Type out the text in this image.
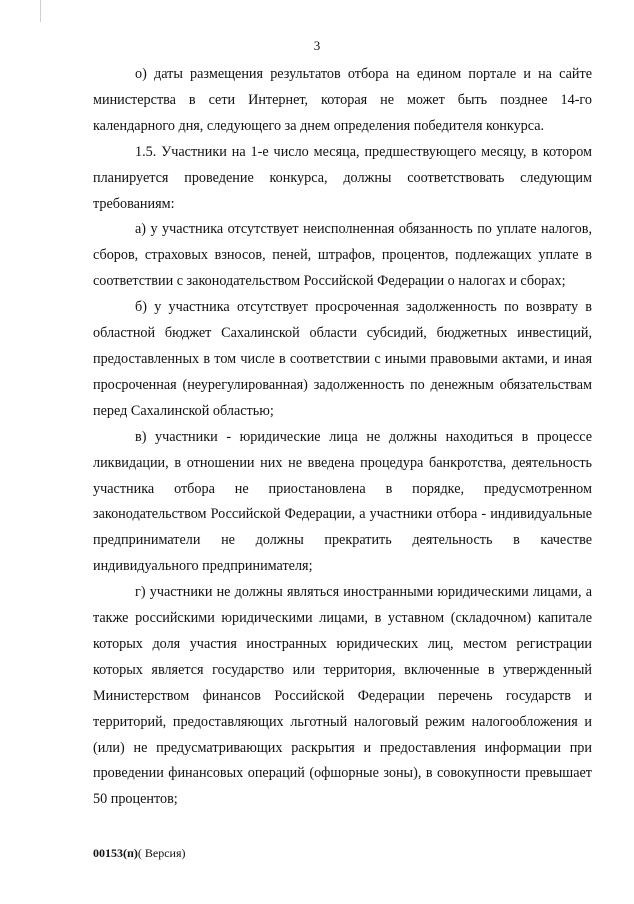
3

о) даты размещения результатов отбора на едином портале и на сайте министерства в сети Интернет, которая не может быть позднее 14-го календарного дня, следующего за днем определения победителя конкурса.

1.5. Участники на 1-е число месяца, предшествующего месяцу, в котором планируется проведение конкурса, должны соответствовать следующим требованиям:

а) у участника отсутствует неисполненная обязанность по уплате налогов, сборов, страховых взносов, пеней, штрафов, процентов, подлежащих уплате в соответствии с законодательством Российской Федерации о налогах и сборах;

б) у участника отсутствует просроченная задолженность по возврату в областной бюджет Сахалинской области субсидий, бюджетных инвестиций, предоставленных в том числе в соответствии с иными правовыми актами, и иная просроченная (неурегулированная) задолженность по денежным обязательствам перед Сахалинской областью;

в) участники - юридические лица не должны находиться в процессе ликвидации, в отношении них не введена процедура банкротства, деятельность участника отбора не приостановлена в порядке, предусмотренном законодательством Российской Федерации, а участники отбора - индивидуальные предприниматели не должны прекратить деятельность в качестве индивидуального предпринимателя;

г) участники не должны являться иностранными юридическими лицами, а также российскими юридическими лицами, в уставном (складочном) капитале которых доля участия иностранных юридических лиц, местом регистрации которых является государство или территория, включенные в утвержденный Министерством финансов Российской Федерации перечень государств и территорий, предоставляющих льготный налоговый режим налогообложения и (или) не предусматривающих раскрытия и предоставления информации при проведении финансовых операций (офшорные зоны), в совокупности превышает 50 процентов;

00153(п)( Версия)
